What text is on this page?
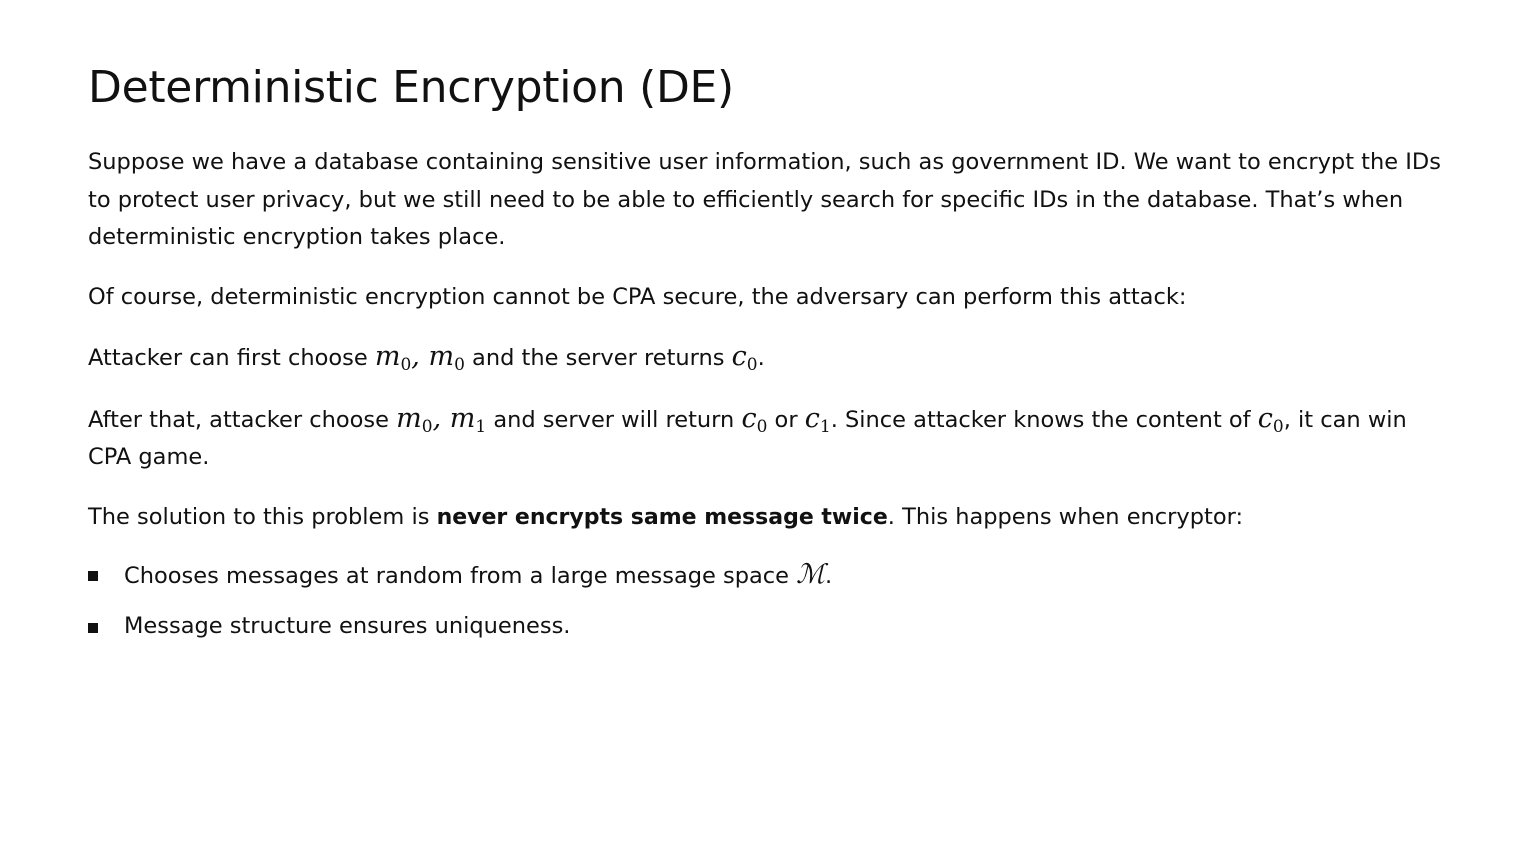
Deterministic Encryption (DE)

Suppose we have a database containing sensitive user information, such as government ID. We want to encrypt the IDs to protect user privacy, but we still need to be able to efficiently search for specific IDs in the database. That’s when deterministic encryption takes place.

Of course, deterministic encryption cannot be CPA secure, the adversary can perform this attack:

Attacker can first choose $m_0$, $m_0$ and the server returns $c_0$.

After that, attacker choose $m_0$, $m_1$ and server will return $c_0$ or $c_1$. Since attacker knows the content of $c_0$, it can win CPA game.

The solution to this problem is never encrypts same message twice. This happens when encryptor:

Chooses messages at random from a large message space ℳ.
Message structure ensures uniqueness.
